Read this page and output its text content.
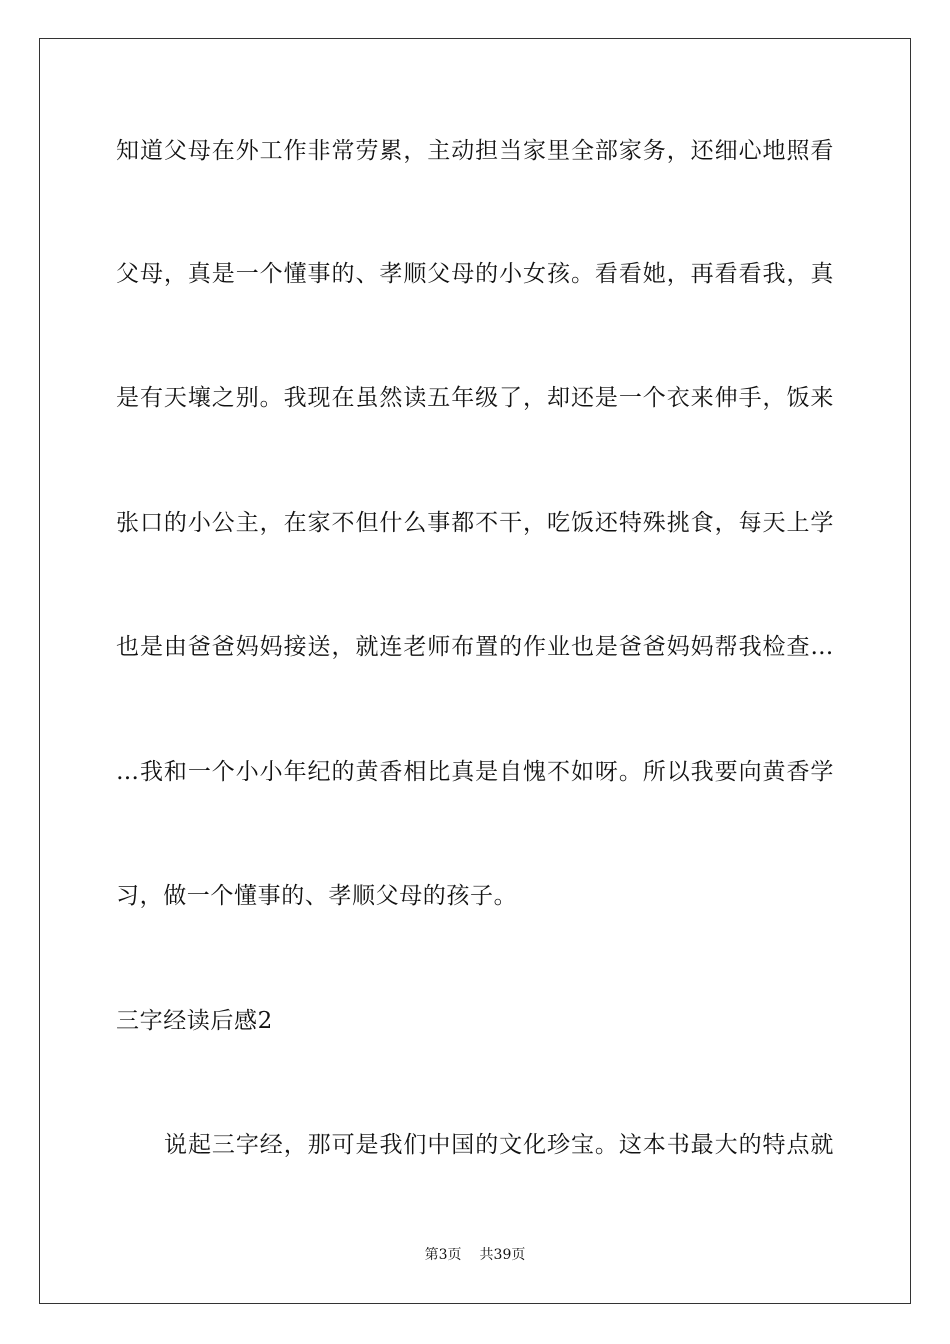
知道父母在外工作非常劳累，主动担当家里全部家务，还细心地照看
父母，真是一个懂事的、孝顺父母的小女孩。看看她，再看看我，真
是有天壤之别。我现在虽然读五年级了，却还是一个衣来伸手，饭来
张口的小公主，在家不但什么事都不干，吃饭还特殊挑食，每天上学
也是由爸爸妈妈接送，就连老师布置的作业也是爸爸妈妈帮我检查…
…我和一个小小年纪的黄香相比真是自愧不如呀。所以我要向黄香学
习，做一个懂事的、孝顺父母的孩子。
三字经读后感2
说起三字经，那可是我们中国的文化珍宝。这本书最大的特点就
第3页 共39页
